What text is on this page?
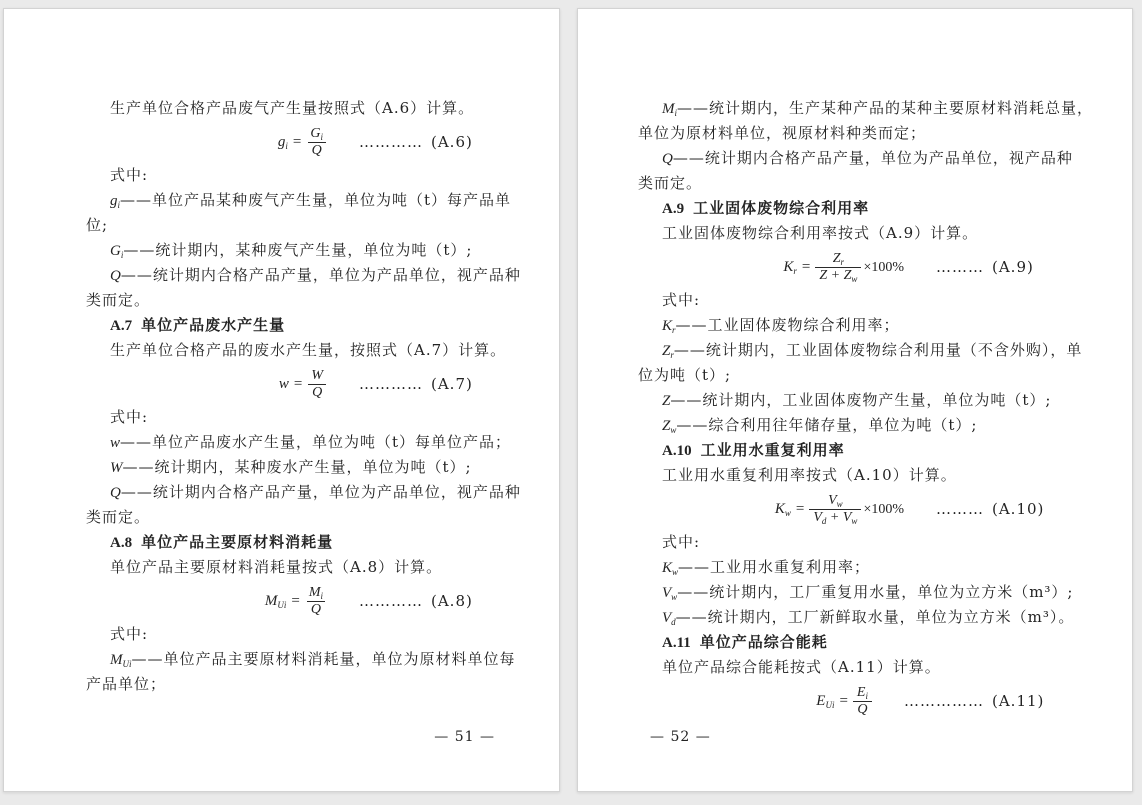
生产单位合格产品废气产生量按照式（A.6）计算。
$g_i = \frac{G_i}{Q}$ ………… (A.6)
式中:
$g_i——$单位产品某种废气产生量，单位为吨（t）每产品单
位;
$G_i——$统计期内，某种废气产生量，单位为吨（t）;
Q——统计期内合格产品产量，单位为产品单位，视产品种
类而定。
A.7 单位产品废水产生量
生产单位合格产品的废水产生量，按照式（A.7）计算。
$w = \frac{W}{Q}$ ………… (A.7)
式中:
w——单位产品废水产生量，单位为吨（t）每单位产品；
W——统计期内，某种废水产生量，单位为吨（t）;
Q——统计期内合格产品产量，单位为产品单位，视产品种
类而定。
A.8 单位产品主要原材料消耗量
单位产品主要原材料消耗量按式（A.8）计算。
$M_{Ui} = \frac{M_i}{Q}$ ………… (A.8)
式中:
$M_{Ui}——$单位产品主要原材料消耗量，单位为原材料单位每
产品单位；
— 51 —
$M_i——$统计期内，生产某种产品的某种主要原材料消耗总量，
单位为原材料单位，视原材料种类而定；
Q——统计期内合格产品产量，单位为产品单位，视产品种
类而定。
A.9 工业固体废物综合利用率
工业固体废物综合利用率按式（A.9）计算。
$K_r = \frac{Z_r}{Z + Z_w} \times 100\%$ ……… (A.9)
式中:
$K_r——$工业固体废物综合利用率；
$Z_r——$统计期内，工业固体废物综合利用量（不含外购），单
位为吨（t）;
Z——统计期内，工业固体废物产生量，单位为吨（t）;
$Z_w——$综合利用往年储存量，单位为吨（t）;
A.10 工业用水重复利用率
工业用水重复利用率按式（A.10）计算。
$K_w = \frac{V_w}{V_d + V_w} \times 100\%$ ……… (A.10)
式中:
$K_w——$工业用水重复利用率；
$V_w——$统计期内，工厂重复用水量，单位为立方米（m³）;
$V_d——$统计期内，工厂新鲜取水量，单位为立方米（m³）。
A.11 单位产品综合能耗
单位产品综合能耗按式（A.11）计算。
$E_{Ui} = \frac{E_i}{Q}$ …………… (A.11)
— 52 —
